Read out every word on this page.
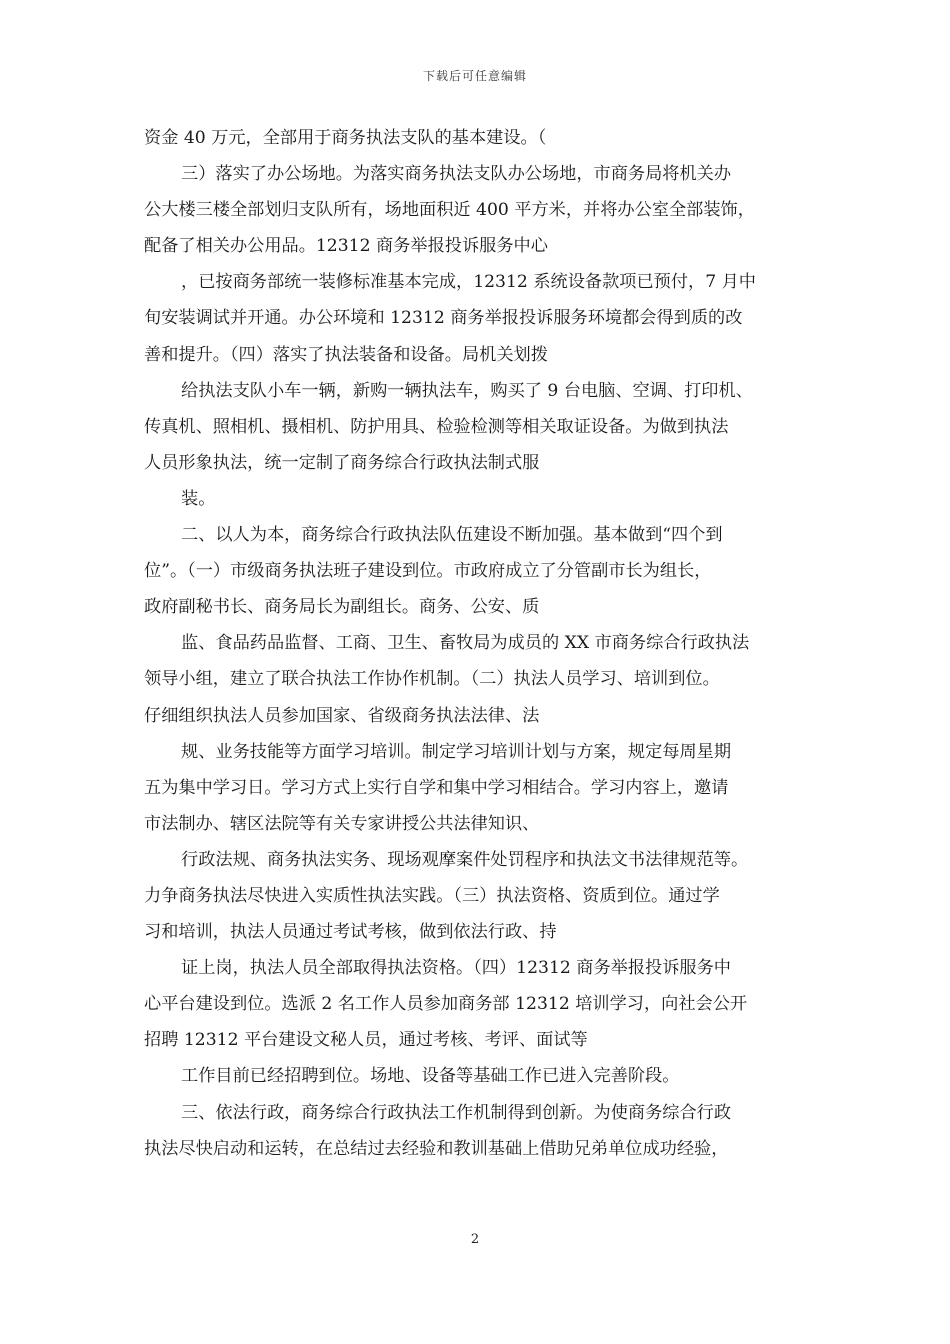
下载后可任意编辑
资金 40 万元，全部用于商务执法支队的基本建设。（
三）落实了办公场地。为落实商务执法支队办公场地，市商务局将机关办
公大楼三楼全部划归支队所有，场地面积近 400 平方米，并将办公室全部装饰，
配备了相关办公用品。12312 商务举报投诉服务中心
，已按商务部统一装修标准基本完成，12312 系统设备款项已预付，7 月中
旬安装调试并开通。办公环境和 12312 商务举报投诉服务环境都会得到质的改
善和提升。（四）落实了执法装备和设备。局机关划拨
给执法支队小车一辆，新购一辆执法车，购买了 9 台电脑、空调、打印机、
传真机、照相机、摄相机、防护用具、检验检测等相关取证设备。为做到执法
人员形象执法，统一定制了商务综合行政执法制式服
装。
二、以人为本，商务综合行政执法队伍建设不断加强。基本做到“四个到
位”。（一）市级商务执法班子建设到位。市政府成立了分管副市长为组长，
政府副秘书长、商务局长为副组长。商务、公安、质
监、食品药品监督、工商、卫生、畜牧局为成员的 XX 市商务综合行政执法
领导小组，建立了联合执法工作协作机制。（二）执法人员学习、培训到位。
仔细组织执法人员参加国家、省级商务执法法律、法
规、业务技能等方面学习培训。制定学习培训计划与方案，规定每周星期
五为集中学习日。学习方式上实行自学和集中学习相结合。学习内容上，邀请
市法制办、辖区法院等有关专家讲授公共法律知识、
行政法规、商务执法实务、现场观摩案件处罚程序和执法文书法律规范等。
力争商务执法尽快进入实质性执法实践。（三）执法资格、资质到位。通过学
习和培训，执法人员通过考试考核，做到依法行政、持
证上岗，执法人员全部取得执法资格。（四）12312 商务举报投诉服务中
心平台建设到位。选派 2 名工作人员参加商务部 12312 培训学习，向社会公开
招聘 12312 平台建设文秘人员，通过考核、考评、面试等
工作目前已经招聘到位。场地、设备等基础工作已进入完善阶段。
三、依法行政，商务综合行政执法工作机制得到创新。为使商务综合行政
执法尽快启动和运转，在总结过去经验和教训基础上借助兄弟单位成功经验，
2
